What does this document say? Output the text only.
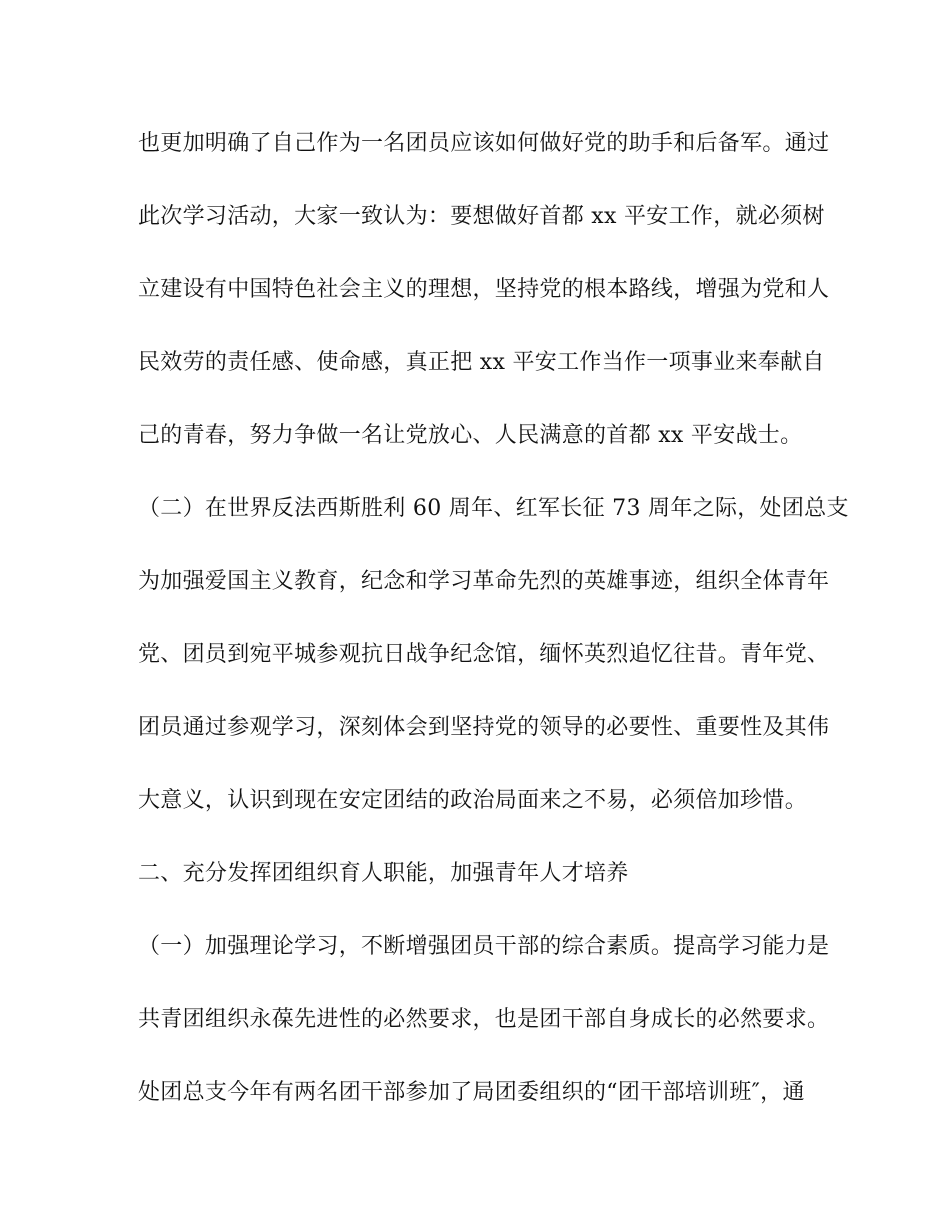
也更加明确了自己作为一名团员应该如何做好党的助手和后备军。通过
此次学习活动，大家一致认为：要想做好首都 xx 平安工作，就必须树
立建设有中国特色社会主义的理想，坚持党的根本路线，增强为党和人
民效劳的责任感、使命感，真正把 xx 平安工作当作一项事业来奉献自
己的青春，努力争做一名让党放心、人民满意的首都 xx 平安战士。
（二）在世界反法西斯胜利 60 周年、红军长征 73 周年之际，处团总支
为加强爱国主义教育，纪念和学习革命先烈的英雄事迹，组织全体青年
党、团员到宛平城参观抗日战争纪念馆，缅怀英烈追忆往昔。青年党、
团员通过参观学习，深刻体会到坚持党的领导的必要性、重要性及其伟
大意义，认识到现在安定团结的政治局面来之不易，必须倍加珍惜。
二、充分发挥团组织育人职能，加强青年人才培养
（一）加强理论学习，不断增强团员干部的综合素质。提高学习能力是
共青团组织永葆先进性的必然要求，也是团干部自身成长的必然要求。
处团总支今年有两名团干部参加了局团委组织的“团干部培训班″，通
